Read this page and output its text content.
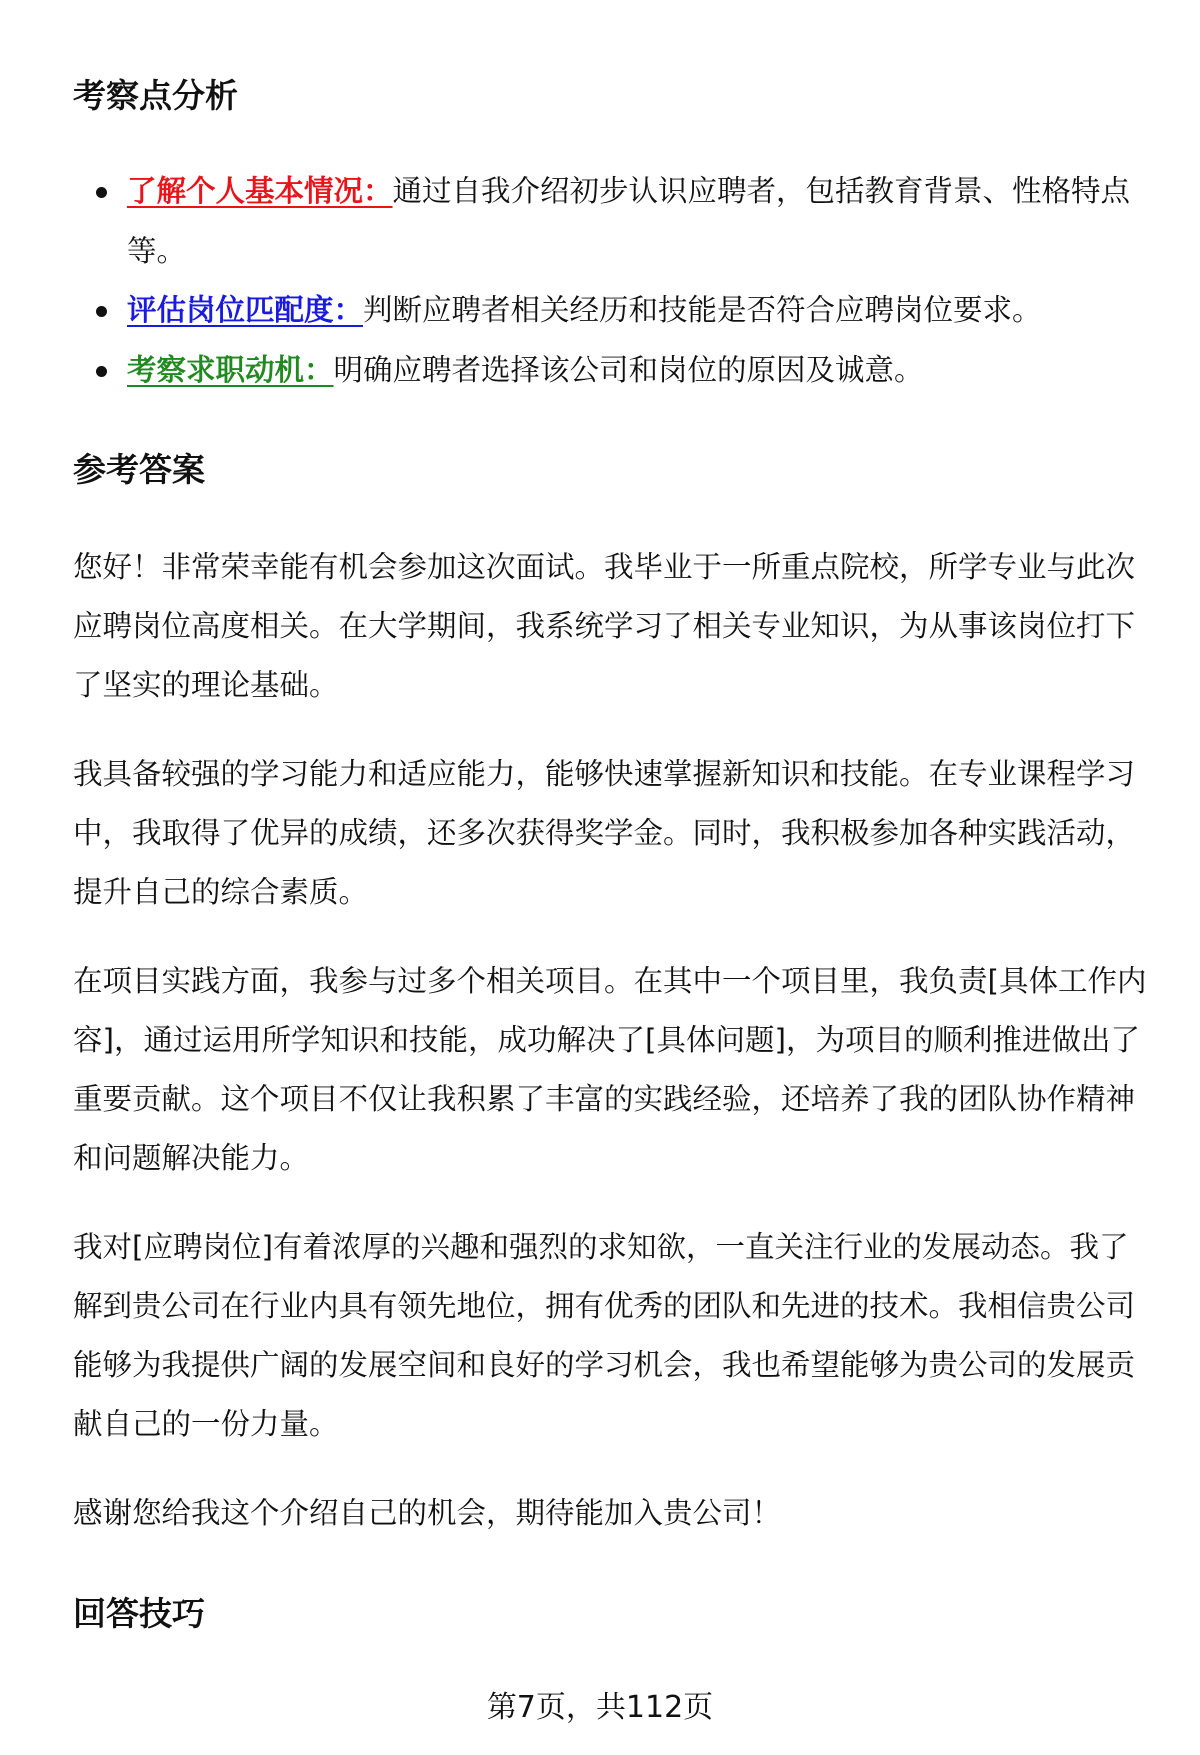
考察点分析
了解个人基本情况：通过自我介绍初步认识应聘者，包括教育背景、性格特点等。
评估岗位匹配度：判断应聘者相关经历和技能是否符合应聘岗位要求。
考察求职动机：明确应聘者选择该公司和岗位的原因及诚意。
参考答案

您好！非常荣幸能有机会参加这次面试。我毕业于一所重点院校，所学专业与此次应聘岗位高度相关。在大学期间，我系统学习了相关专业知识，为从事该岗位打下了坚实的理论基础。

我具备较强的学习能力和适应能力，能够快速掌握新知识和技能。在专业课程学习中，我取得了优异的成绩，还多次获得奖学金。同时，我积极参加各种实践活动，提升自己的综合素质。

在项目实践方面，我参与过多个相关项目。在其中一个项目里，我负责[具体工作内容]，通过运用所学知识和技能，成功解决了[具体问题]，为项目的顺利推进做出了重要贡献。这个项目不仅让我积累了丰富的实践经验，还培养了我的团队协作精神和问题解决能力。

我对[应聘岗位]有着浓厚的兴趣和强烈的求知欲，一直关注行业的发展动态。我了解到贵公司在行业内具有领先地位，拥有优秀的团队和先进的技术。我相信贵公司能够为我提供广阔的发展空间和良好的学习机会，我也希望能够为贵公司的发展贡献自己的一份力量。

感谢您给我这个介绍自己的机会，期待能加入贵公司！

回答技巧
第7页，共112页
